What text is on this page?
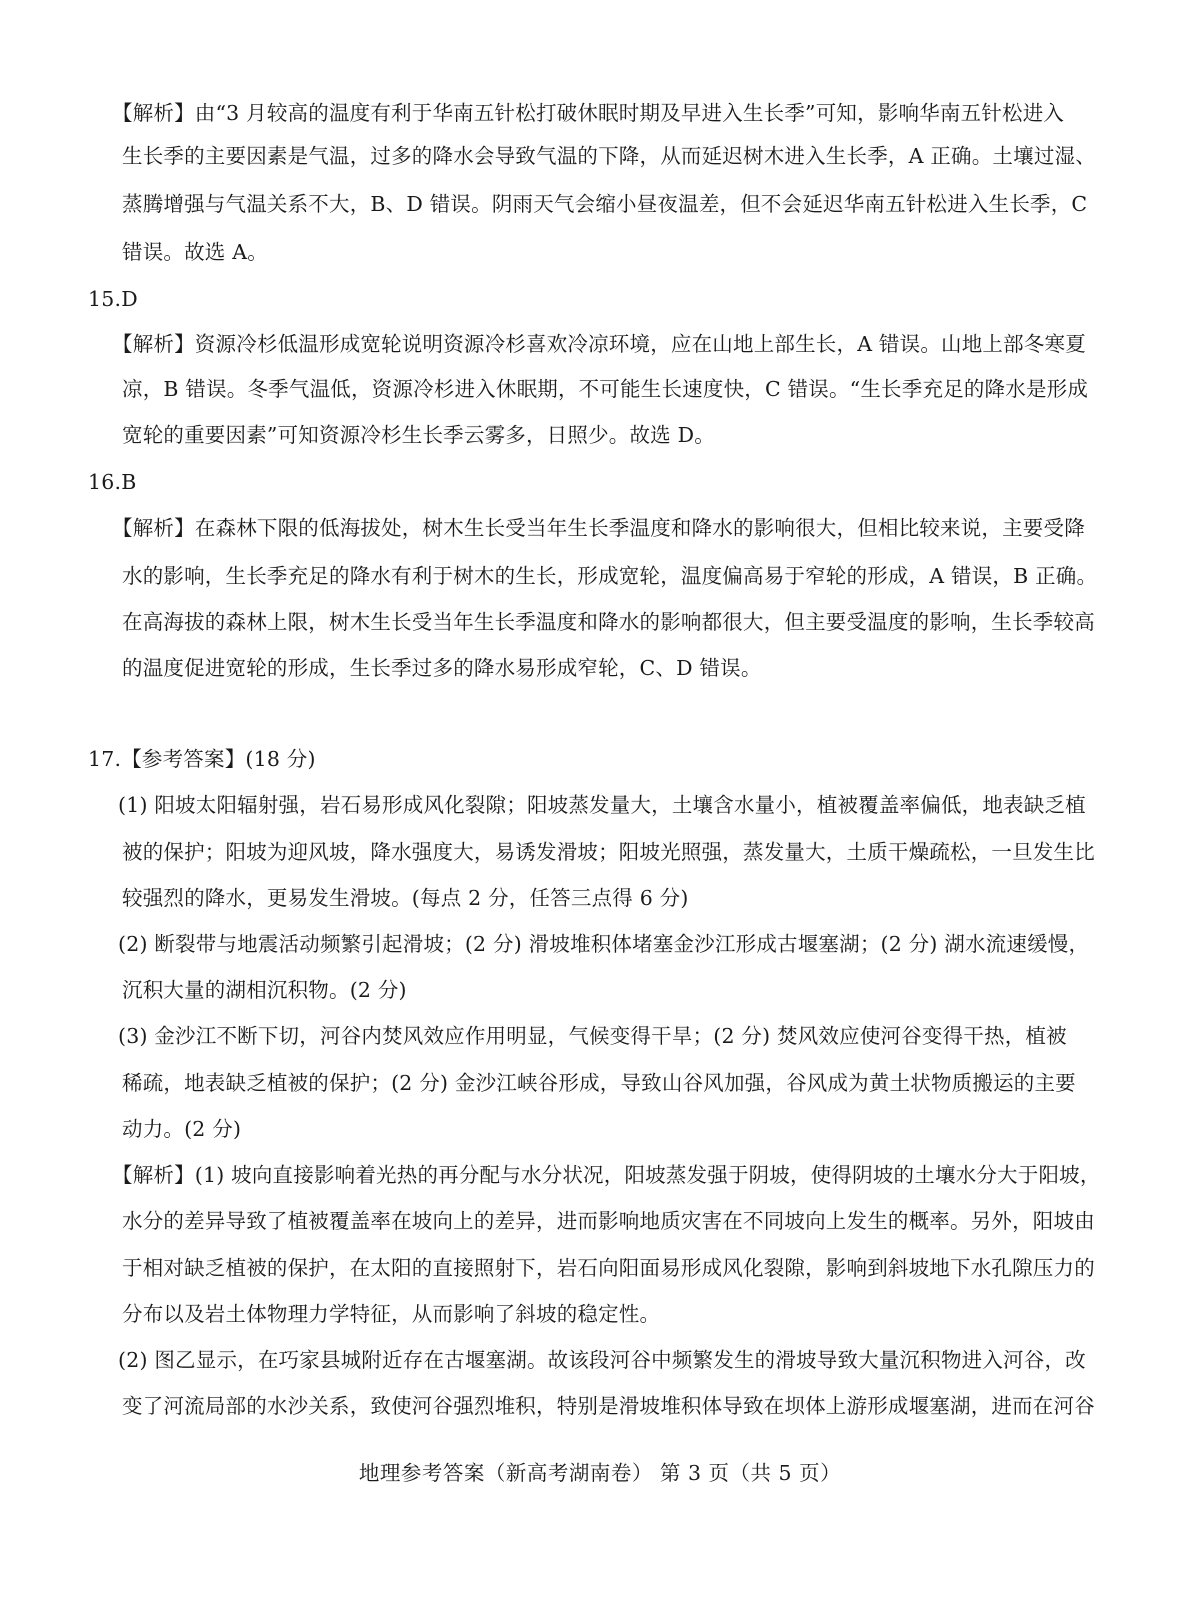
【解析】由“3 月较高的温度有利于华南五针松打破休眠时期及早进入生长季”可知，影响华南五针松进入
生长季的主要因素是气温，过多的降水会导致气温的下降，从而延迟树木进入生长季，A 正确。土壤过湿、
蒸腾增强与气温关系不大，B、D 错误。阴雨天气会缩小昼夜温差，但不会延迟华南五针松进入生长季，C
错误。故选 A。
15.D
【解析】资源冷杉低温形成宽轮说明资源冷杉喜欢冷凉环境，应在山地上部生长，A 错误。山地上部冬寒夏
凉，B 错误。冬季气温低，资源冷杉进入休眠期，不可能生长速度快，C 错误。“生长季充足的降水是形成
宽轮的重要因素”可知资源冷杉生长季云雾多，日照少。故选 D。
16.B
【解析】在森林下限的低海拔处，树木生长受当年生长季温度和降水的影响很大，但相比较来说，主要受降
水的影响，生长季充足的降水有利于树木的生长，形成宽轮，温度偏高易于窄轮的形成，A 错误，B 正确。
在高海拔的森林上限，树木生长受当年生长季温度和降水的影响都很大，但主要受温度的影响，生长季较高
的温度促进宽轮的形成，生长季过多的降水易形成窄轮，C、D 错误。
17.【参考答案】(18 分)
(1) 阳坡太阳辐射强，岩石易形成风化裂隙；阳坡蒸发量大，土壤含水量小，植被覆盖率偏低，地表缺乏植
被的保护；阳坡为迎风坡，降水强度大，易诱发滑坡；阳坡光照强，蒸发量大，土质干燥疏松，一旦发生比
较强烈的降水，更易发生滑坡。(每点 2 分，任答三点得 6 分)
(2) 断裂带与地震活动频繁引起滑坡；(2 分) 滑坡堆积体堵塞金沙江形成古堰塞湖；(2 分) 湖水流速缓慢，
沉积大量的湖相沉积物。(2 分)
(3) 金沙江不断下切，河谷内焚风效应作用明显，气候变得干旱；(2 分) 焚风效应使河谷变得干热，植被
稀疏，地表缺乏植被的保护；(2 分) 金沙江峡谷形成，导致山谷风加强，谷风成为黄土状物质搬运的主要
动力。(2 分)
【解析】(1) 坡向直接影响着光热的再分配与水分状况，阳坡蒸发强于阴坡，使得阴坡的土壤水分大于阳坡，
水分的差异导致了植被覆盖率在坡向上的差异，进而影响地质灾害在不同坡向上发生的概率。另外，阳坡由
于相对缺乏植被的保护，在太阳的直接照射下，岩石向阳面易形成风化裂隙，影响到斜坡地下水孔隙压力的
分布以及岩土体物理力学特征，从而影响了斜坡的稳定性。
(2) 图乙显示，在巧家县城附近存在古堰塞湖。故该段河谷中频繁发生的滑坡导致大量沉积物进入河谷，改
变了河流局部的水沙关系，致使河谷强烈堆积，特别是滑坡堆积体导致在坝体上游形成堰塞湖，进而在河谷
地理参考答案（新高考湖南卷） 第 3 页（共 5 页）
